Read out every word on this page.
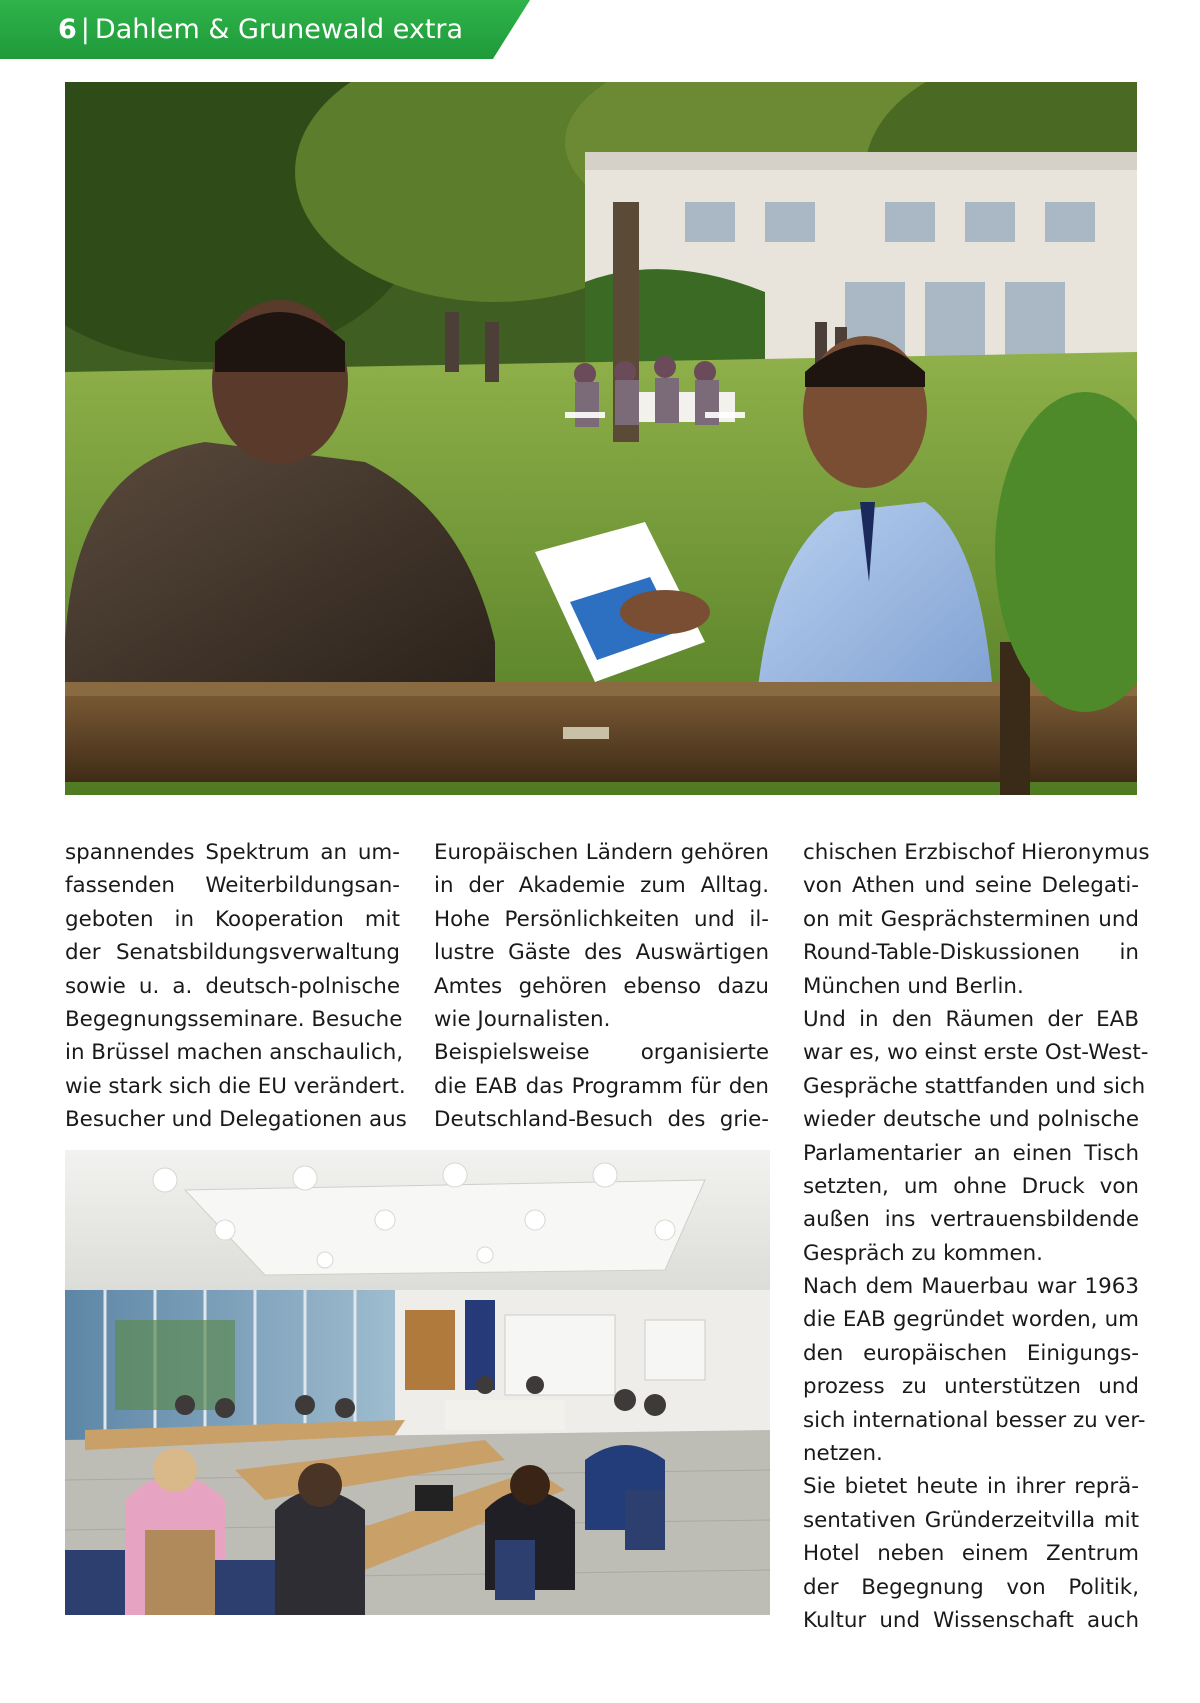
6 | Dahlem & Grunewald extra
spannendes Spektrum an um-
fassenden Weiterbildungsan-
geboten in Kooperation mit
der Senatsbildungsverwaltung
sowie u. a. deutsch-polnische
Begegnungsseminare. Besuche
in Brüssel machen anschaulich,
wie stark sich die EU verändert.
Besucher und Delegationen aus
Europäischen Ländern gehören
in der Akademie zum Alltag.
Hohe Persönlichkeiten und il-
lustre Gäste des Auswärtigen
Amtes gehören ebenso dazu
wie Journalisten.
Beispielsweise organisierte
die EAB das Programm für den
Deutschland-Besuch des grie-
chischen Erzbischof Hieronymus
von Athen und seine Delegati-
on mit Gesprächsterminen und
Round-Table-Diskussionen in
München und Berlin.
Und in den Räumen der EAB
war es, wo einst erste Ost-West-
Gespräche stattfanden und sich
wieder deutsche und polnische
Parlamentarier an einen Tisch
setzten, um ohne Druck von
außen ins vertrauensbildende
Gespräch zu kommen.
Nach dem Mauerbau war 1963
die EAB gegründet worden, um
den europäischen Einigungs-
prozess zu unterstützen und
sich international besser zu ver-
netzen.
Sie bietet heute in ihrer reprä-
sentativen Gründerzeitvilla mit
Hotel neben einem Zentrum
der Begegnung von Politik,
Kultur und Wissenschaft auch
